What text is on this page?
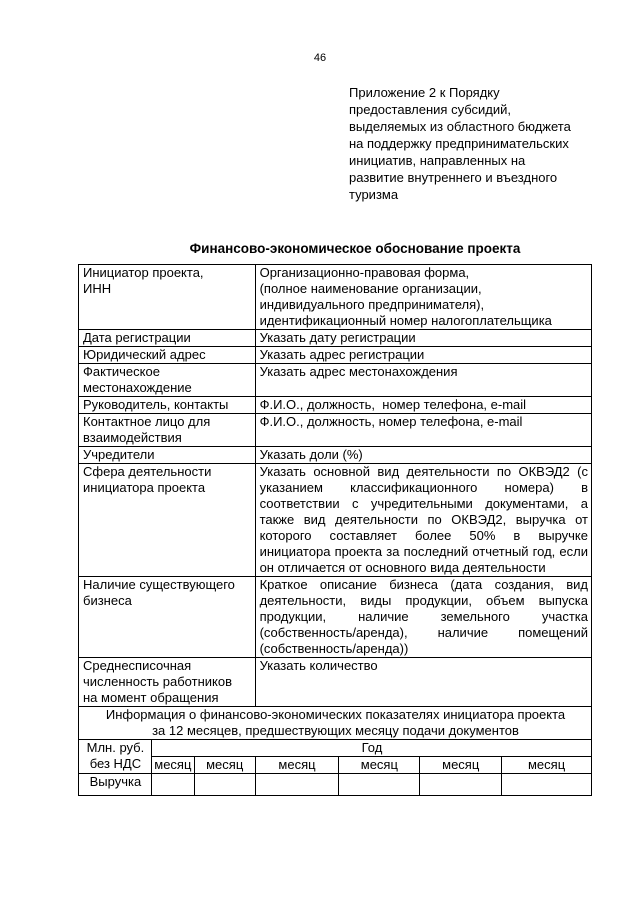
46
Приложение 2 к Порядку
предоставления субсидий,
выделяемых из областного бюджета
на поддержку предпринимательских
инициатив, направленных на
развитие внутреннего и въездного
туризма
Финансово-экономическое обоснование проекта
Инициатор проекта,
ИНН			Организационно-правовая форма,
(полное наименование организации,
индивидуального предпринимателя),
идентификационный номер налогоплательщика			
Дата регистрации			Указать дату регистрации			
Юридический адрес			Указать адрес регистрации			
Фактическое
местонахождение			Указать адрес местонахождения			
Руководитель, контакты			Ф.И.О., должность,  номер телефона, e-mail			
Контактное лицо для
взаимодействия			Ф.И.О., должность, номер телефона, e-mail			
Учредители			Указать доли (%)			
Сфера деятельности
инициатора проекта			Указать основной вид деятельности по ОКВЭД2 (с указанием классификационного номера) в соответствии с учредительными документами, а также вид деятельности по ОКВЭД2, выручка от которого составляет более 50% в выручке инициатора проекта за последний отчетный год, если он отличается от основного вида деятельности			
Наличие существующего
бизнеса			Краткое описание бизнеса (дата создания, вид деятельности, виды продукции, объем выпуска продукции, наличие земельного участка (собственность/аренда), наличие помещений (собственность/аренда))			
Среднесписочная
численность работников
на момент обращения			Указать количество			
Информация о финансово-экономических показателях инициатора проекта
за 12 месяцев, предшествующих месяцу подачи документов						
Млн. руб.
без НДС	Год					
	месяц	месяц	месяц	месяц	месяц	месяц
Выручка						
